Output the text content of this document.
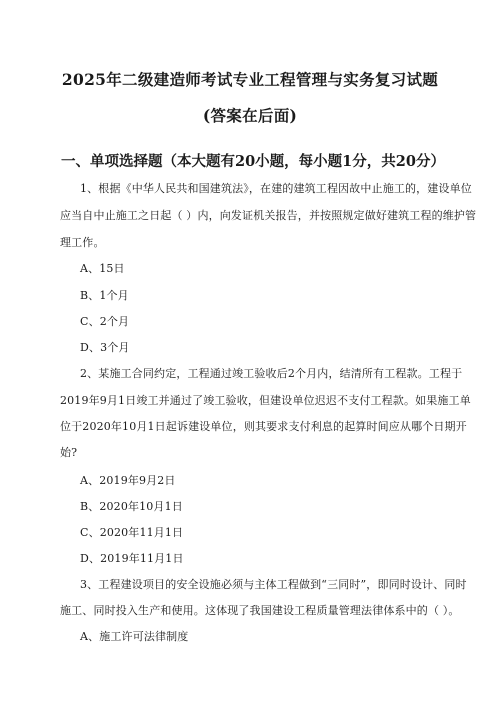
2025年二级建造师考试专业工程管理与实务复习试题
(答案在后面)
一、单项选择题（本大题有20小题，每小题1分，共20分）
1、根据《中华人民共和国建筑法》，在建的建筑工程因故中止施工的，建设单位
应当自中止施工之日起（ ）内，向发证机关报告，并按照规定做好建筑工程的维护管
理工作。
A、15日
B、1个月
C、2个月
D、3个月
2、某施工合同约定，工程通过竣工验收后2个月内，结清所有工程款。工程于
2019年9月1日竣工并通过了竣工验收，但建设单位迟迟不支付工程款。如果施工单
位于2020年10月1日起诉建设单位，则其要求支付利息的起算时间应从哪个日期开
始?
A、2019年9月2日
B、2020年10月1日
C、2020年11月1日
D、2019年11月1日
3、工程建设项目的安全设施必须与主体工程做到“三同时”，即同时设计、同时
施工、同时投入生产和使用。这体现了我国建设工程质量管理法律体系中的（ ）。
A、施工许可法律制度
